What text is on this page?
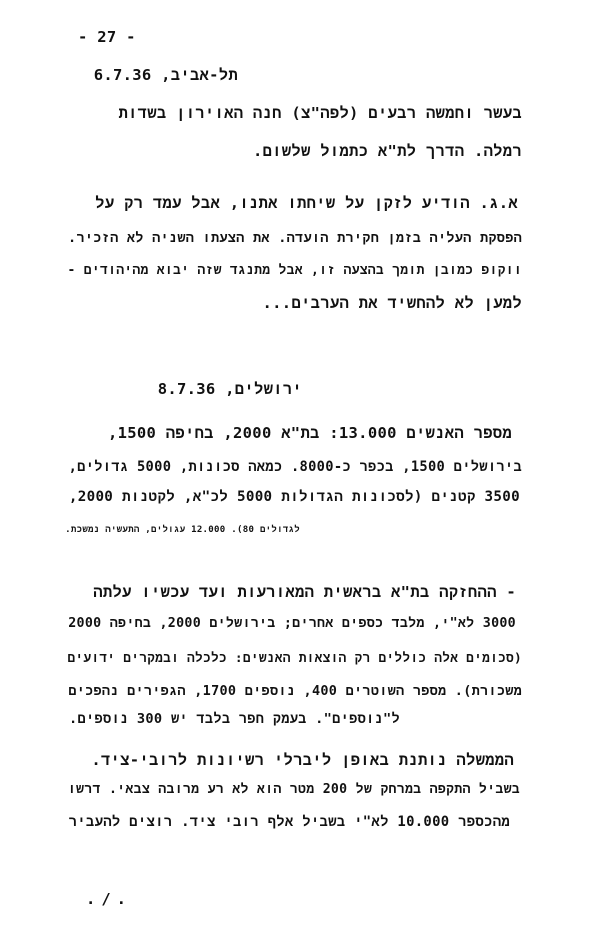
- 27 -
תל-אביב, 6.7.36
בעשר וחמשה רבעים (לפה"צ) חנה האוירון בשדות
רמלה. הדרך לת"א כתמול שלשום.
א.ג. הודיע לזקן על שיחתו אתנו, אבל עמד רק על
הפסקת העליה בזמן חקירת הועדה. את הצעתו השניה לא הזכיר.
ווקופ כמובן תומך בהצעה זו, אבל מתנגד שזה יבוא מהיהודים -
למען לא להחשיד את הערבים...
ירושלים, 8.7.36
מספר האנשים 13.000: בת"א 2000, בחיפה 1500,
בירושלים 1500, בכפר כ-8000. כמאה סכונות, 5000 גדולים,
3500 קטנים (לסכונות הגדולות 5000 לכ"א, לקטנות 2000,
לגדולים 80). 12.000 עגולים, התעשיה נמשכת.
- ההחזקה בת"א בראשית המאורעות ועד עכשיו עלתה
3000 לא"י, מלבד כספים אחרים; בירושלים 2000, בחיפה 2000
(סכומים אלה כוללים רק הוצאות האנשים: כלכלה ובמקרים ידועים
משכורת). מספר השוטרים 400, נוספים 1700, הגפירים נהפכים
ל"נוספים". בעמק חפר בלבד יש 300 נוספים.
הממשלה נותנת באופן ליברלי רשיונות לרובי-ציד.
בשביל התקפה במרחק של 200 מטר הוא לא רע מרובה צבאי. דרשו
מהכספר 10.000 לא"י בשביל אלף רובי ציד. רוצים להעביר
./.
